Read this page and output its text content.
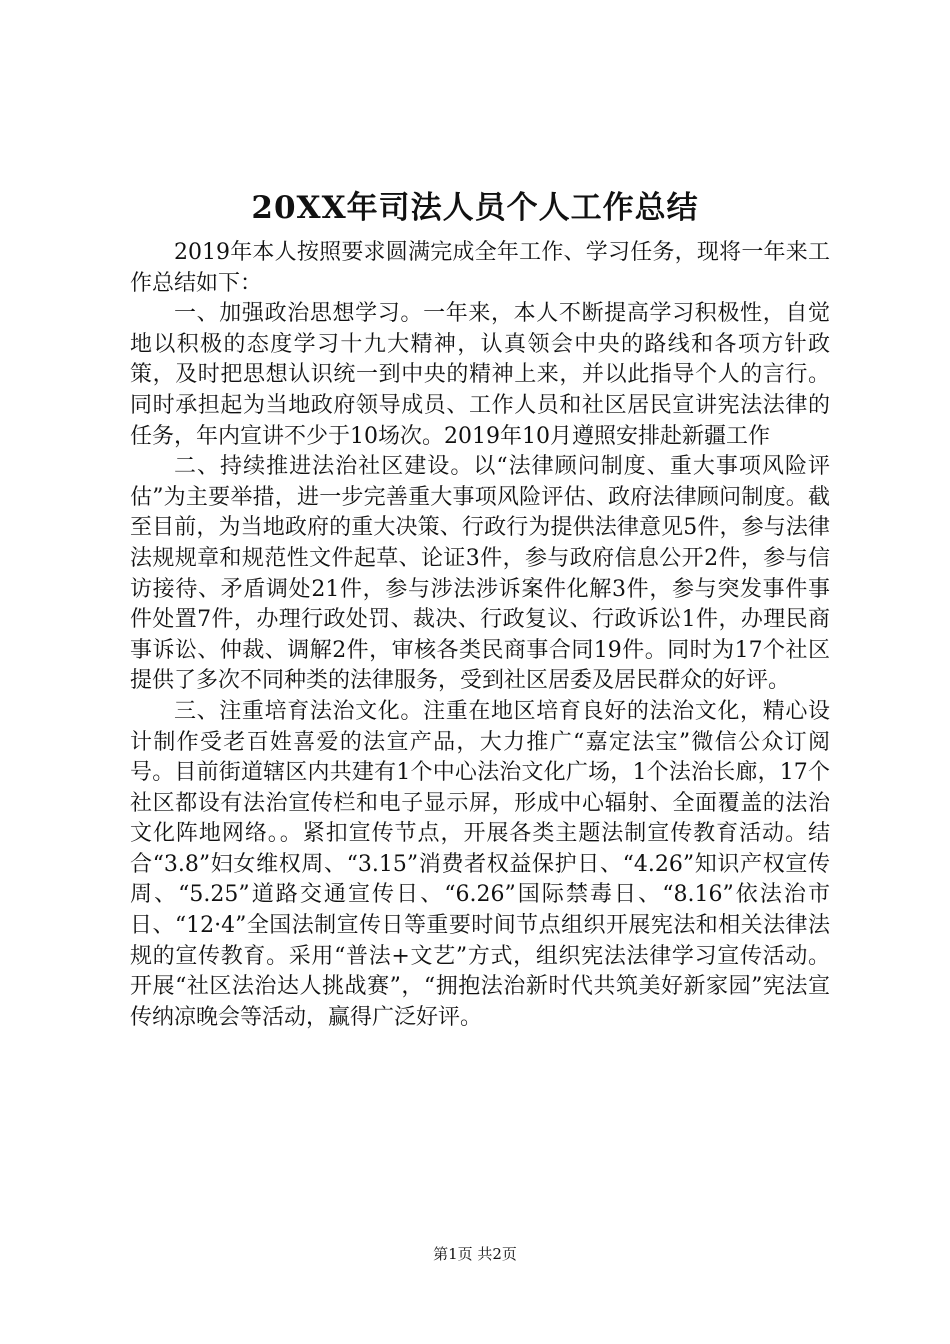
20XX年司法人员个人工作总结

2019年本人按照要求圆满完成全年工作、学习任务，现将一年来工作总结如下：

一、加强政治思想学习。一年来，本人不断提高学习积极性，自觉地以积极的态度学习十九大精神，认真领会中央的路线和各项方针政策，及时把思想认识统一到中央的精神上来，并以此指导个人的言行。同时承担起为当地政府领导成员、工作人员和社区居民宣讲宪法法律的任务，年内宣讲不少于10场次。2019年10月遵照安排赴新疆工作

二、持续推进法治社区建设。以“法律顾问制度、重大事项风险评估”为主要举措，进一步完善重大事项风险评估、政府法律顾问制度。截至目前，为当地政府的重大决策、行政行为提供法律意见5件，参与法律法规规章和规范性文件起草、论证3件，参与政府信息公开2件，参与信访接待、矛盾调处21件，参与涉法涉诉案件化解3件，参与突发事件事件处置7件，办理行政处罚、裁决、行政复议、行政诉讼1件，办理民商事诉讼、仲裁、调解2件，审核各类民商事合同19件。同时为17个社区提供了多次不同种类的法律服务，受到社区居委及居民群众的好评。

三、注重培育法治文化。注重在地区培育良好的法治文化，精心设计制作受老百姓喜爱的法宣产品，大力推广“嘉定法宝”微信公众订阅号。目前街道辖区内共建有1个中心法治文化广场，1个法治长廊，17个社区都设有法治宣传栏和电子显示屏，形成中心辐射、全面覆盖的法治文化阵地网络。。紧扣宣传节点，开展各类主题法制宣传教育活动。结合“3.8”妇女维权周、“3.15”消费者权益保护日、“4.26”知识产权宣传周、“5.25”道路交通宣传日、“6.26”国际禁毒日、“8.16”依法治市日、“12·4”全国法制宣传日等重要时间节点组织开展宪法和相关法律法规的宣传教育。采用“普法+文艺”方式，组织宪法法律学习宣传活动。开展“社区法治达人挑战赛”，“拥抱法治新时代共筑美好新家园”宪法宣传纳凉晚会等活动，赢得广泛好评。

第1页 共2页
